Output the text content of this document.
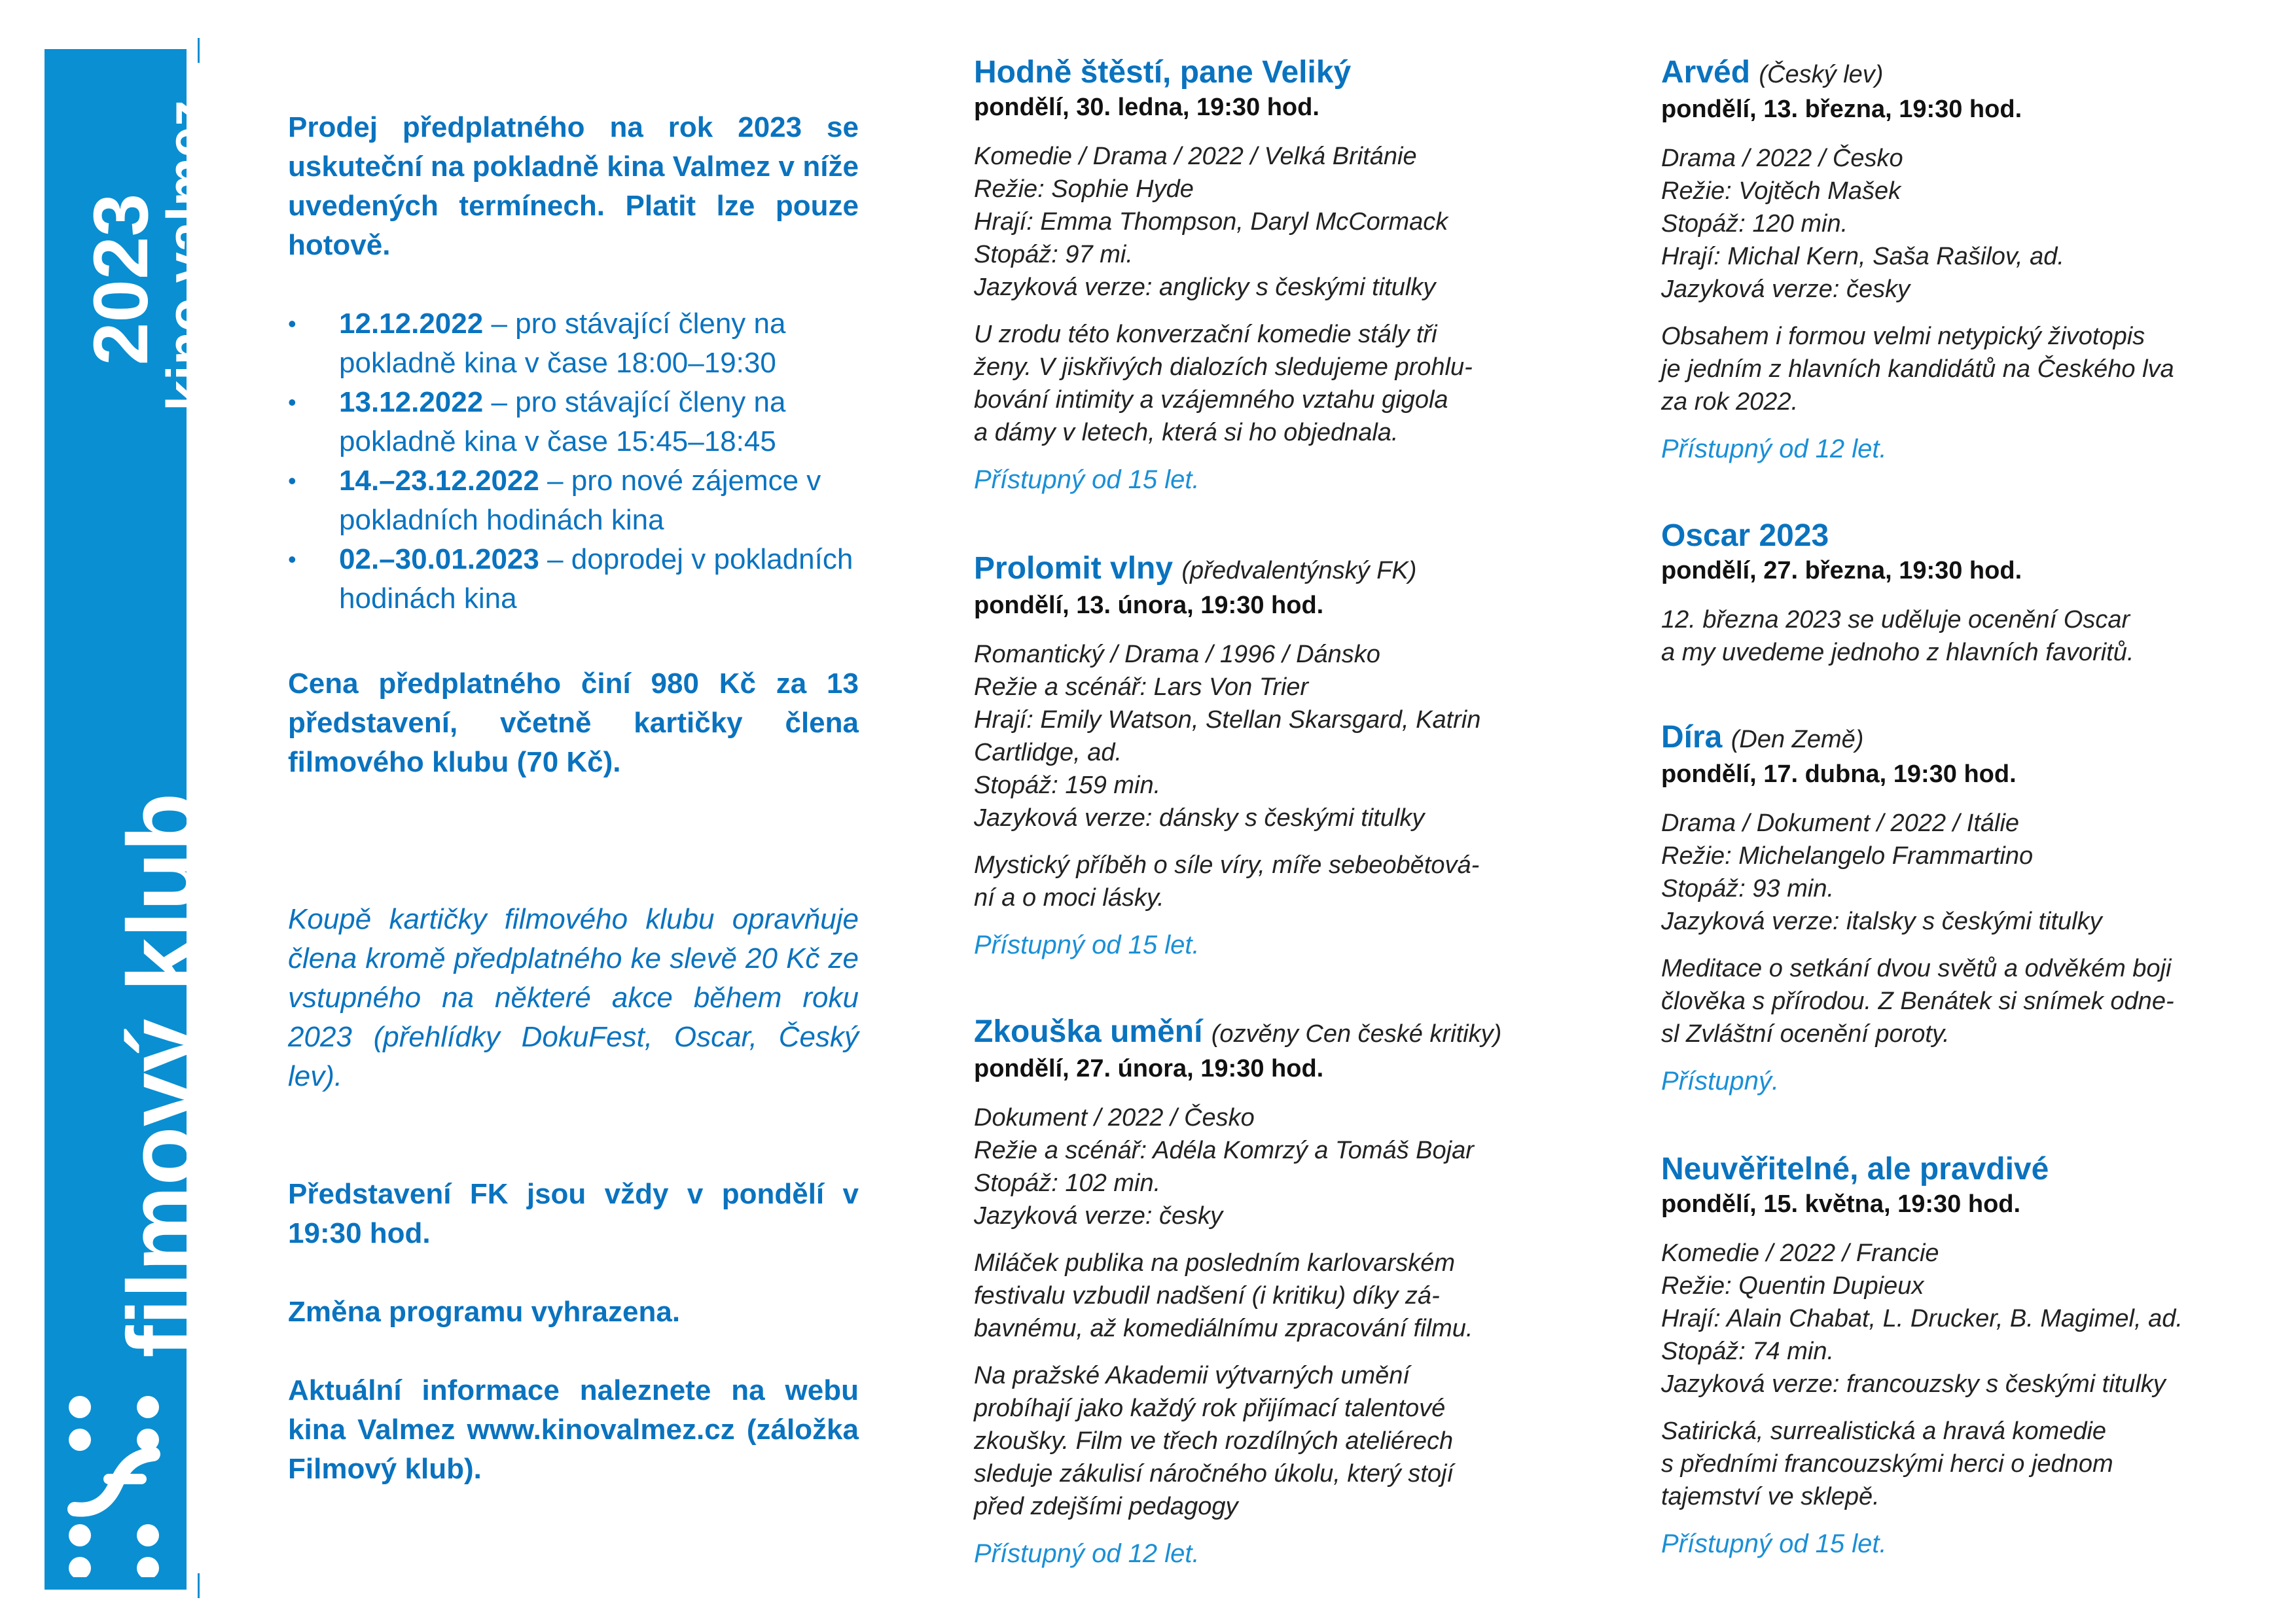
2023
kino valmez
filmový klub

Prodej předplatného na rok 2023 se uskuteční na pokladně kina Valmez v níže uvedených termínech. Platit lze pouze hotově.

• 12.12.2022 – pro stávající členy na pokladně kina v čase 18:00–19:30
• 13.12.2022 – pro stávající členy na pokladně kina v čase 15:45–18:45
• 14.–23.12.2022 – pro nové zájemce v pokladních hodinách kina
• 02.–30.01.2023 – doprodej v pokladních hodinách kina

Cena předplatného činí 980 Kč za 13 představení, včetně kartičky člena filmového klubu (70 Kč).

Koupě kartičky filmového klubu opravňuje člena kromě předplatného ke slevě 20 Kč ze vstupného na některé akce během roku 2023 (přehlídky DokuFest, Oscar, Český lev).

Představení FK jsou vždy v pondělí v 19:30 hod.

Změna programu vyhrazena.

Aktuální informace naleznete na webu kina Valmez www.kinovalmez.cz (záložka Filmový klub).

Hodně štěstí, pane Veliký

pondělí, 30. ledna, 19:30 hod.

Komedie / Drama / 2022 / Velká Británie
Režie: Sophie Hyde
Hrají: Emma Thompson, Daryl McCormack
Stopáž: 97 mi.
Jazyková verze: anglicky s českými titulky
U zrodu této konverzační komedie stály tři
ženy. V jiskřivých dialozích sledujeme prohlu-
bování intimity a vzájemného vztahu gigola
a dámy v letech, která si ho objednala.

Přístupný od 15 let.

Prolomit vlny (předvalentýnský FK)

pondělí, 13. února, 19:30 hod.

Romantický / Drama / 1996 / Dánsko
Režie a scénář: Lars Von Trier
Hrají: Emily Watson, Stellan Skarsgard, Katrin
Cartlidge, ad.
Stopáž: 159 min.
Jazyková verze: dánsky s českými titulky
Mystický příběh o síle víry, míře sebeobětová-
ní a o moci lásky.

Přístupný od 15 let.

Zkouška umění (ozvěny Cen české kritiky)

pondělí, 27. února, 19:30 hod.

Dokument / 2022 / Česko
Režie a scénář: Adéla Komrzý a Tomáš Bojar
Stopáž: 102 min.
Jazyková verze: česky
Miláček publika na posledním karlovarském
festivalu vzbudil nadšení (i kritiku) díky zá-
bavnému, až komediálnímu zpracování filmu.
Na pražské Akademii výtvarných umění
probíhají jako každý rok přijímací talentové
zkoušky. Film ve třech rozdílných ateliérech
sleduje zákulisí náročného úkolu, který stojí
před zdejšími pedagogy

Přístupný od 12 let.

Arvéd (Český lev)

pondělí, 13. března, 19:30 hod.

Drama / 2022 / Česko
Režie: Vojtěch Mašek
Stopáž: 120 min.
Hrají: Michal Kern, Saša Rašilov, ad.
Jazyková verze: česky
Obsahem i formou velmi netypický životopis
je jedním z hlavních kandidátů na Českého lva
za rok 2022.

Přístupný od 12 let.

Oscar 2023

pondělí, 27. března, 19:30 hod.

12. března 2023 se uděluje ocenění Oscar
a my uvedeme jednoho z hlavních favoritů.

Díra (Den Země)

pondělí, 17. dubna, 19:30 hod.

Drama / Dokument / 2022 / Itálie
Režie: Michelangelo Frammartino
Stopáž: 93 min.
Jazyková verze: italsky s českými titulky
Meditace o setkání dvou světů a odvěkém boji
člověka s přírodou. Z Benátek si snímek odne-
sl Zvláštní ocenění poroty.

Přístupný.

Neuvěřitelné, ale pravdivé

pondělí, 15. května, 19:30 hod.

Komedie / 2022 / Francie
Režie: Quentin Dupieux
Hrají: Alain Chabat, L. Drucker, B. Magimel, ad.
Stopáž: 74 min.
Jazyková verze: francouzsky s českými titulky
Satirická, surrealistická a hravá komedie
s předními francouzskými herci o jednom
tajemství ve sklepě.

Přístupný od 15 let.
